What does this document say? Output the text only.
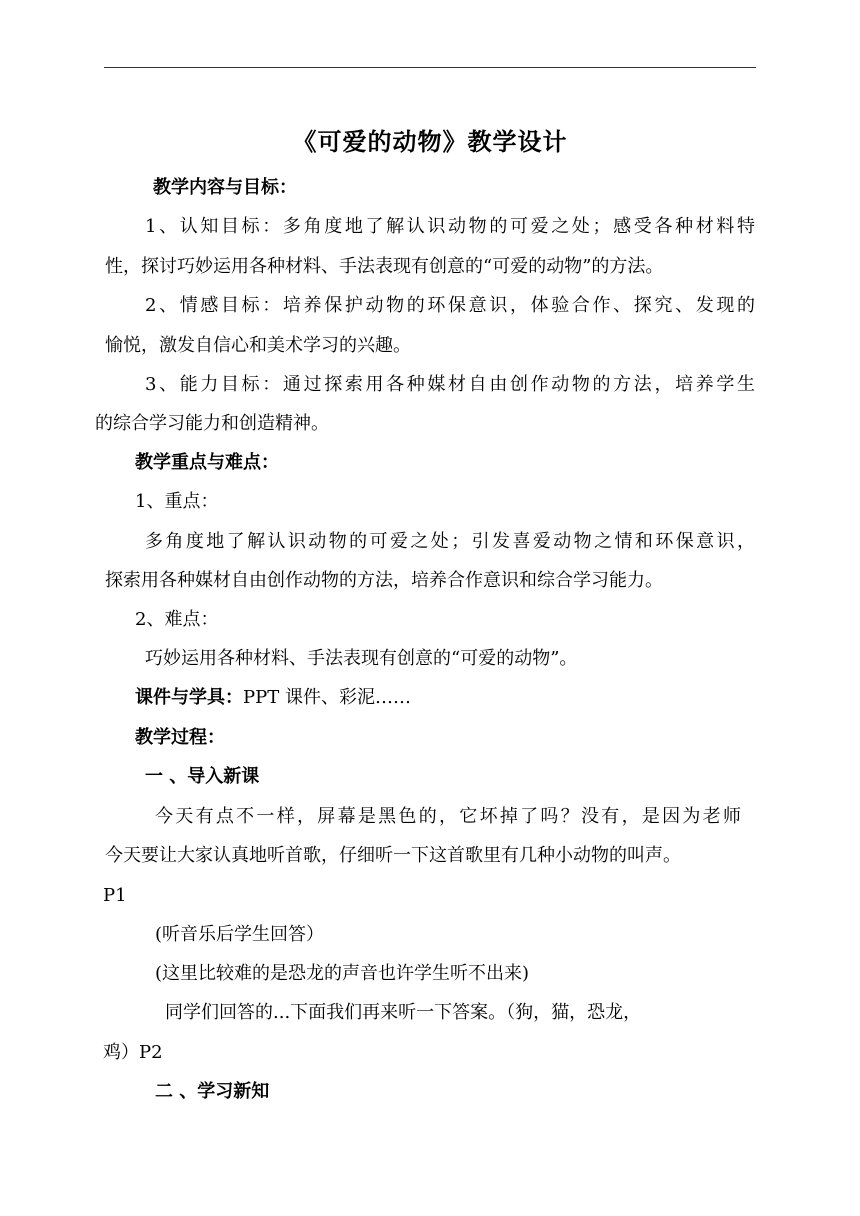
《可爱的动物》教学设计
教学内容与目标：
1、认知目标：多角度地了解认识动物的可爱之处；感受各种材料特
性，探讨巧妙运用各种材料、手法表现有创意的“可爱的动物”的方法。
2、情感目标：培养保护动物的环保意识，体验合作、探究、发现的
愉悦，激发自信心和美术学习的兴趣。
3、能力目标：通过探索用各种媒材自由创作动物的方法，培养学生
的综合学习能力和创造精神。
教学重点与难点：
1、重点：
多角度地了解认识动物的可爱之处；引发喜爱动物之情和环保意识，
探索用各种媒材自由创作动物的方法，培养合作意识和综合学习能力。
2、难点：
巧妙运用各种材料、手法表现有创意的“可爱的动物”。
课件与学具：PPT 课件、彩泥……
教学过程：
一 、导入新课
今天有点不一样，屏幕是黑色的，它坏掉了吗？没有，是因为老师
今天要让大家认真地听首歌，仔细听一下这首歌里有几种小动物的叫声。
P1
(听音乐后学生回答）
(这里比较难的是恐龙的声音也许学生听不出来)
同学们回答的...下面我们再来听一下答案。（狗，猫，恐龙，
鸡）P2
二 、学习新知
